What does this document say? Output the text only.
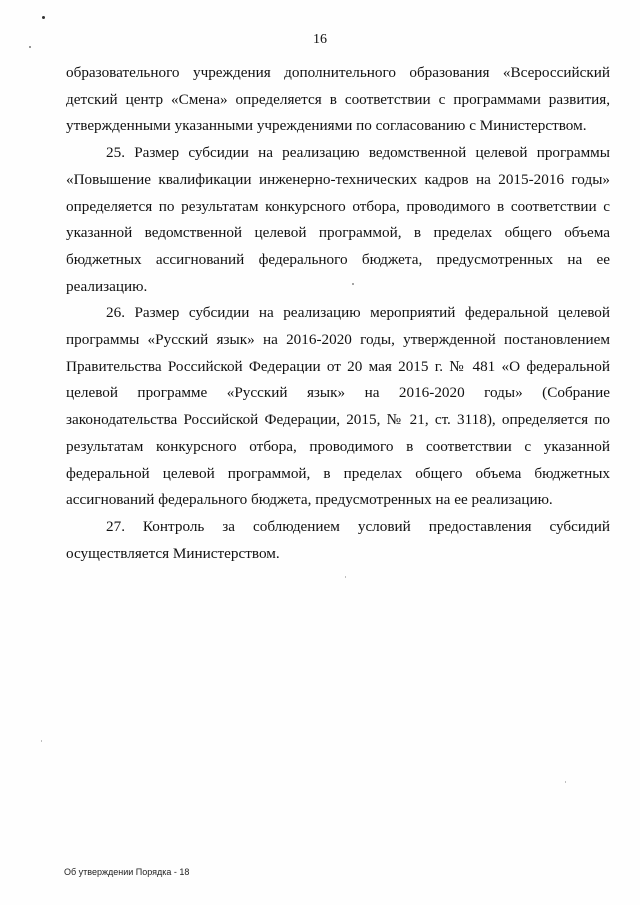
16

образовательного учреждения дополнительного образования «Всероссийский детский центр «Смена» определяется в соответствии с программами развития, утвержденными указанными учреждениями по согласованию с Министерством.

25. Размер субсидии на реализацию ведомственной целевой программы «Повышение квалификации инженерно-технических кадров на 2015-2016 годы» определяется по результатам конкурсного отбора, проводимого в соответствии с указанной ведомственной целевой программой, в пределах общего объема бюджетных ассигнований федерального бюджета, предусмотренных на ее реализацию.

26. Размер субсидии на реализацию мероприятий федеральной целевой программы «Русский язык» на 2016-2020 годы, утвержденной постановлением Правительства Российской Федерации от 20 мая 2015 г. № 481 «О федеральной целевой программе «Русский язык» на 2016-2020 годы» (Собрание законодательства Российской Федерации, 2015, № 21, ст. 3118), определяется по результатам конкурсного отбора, проводимого в соответствии с указанной федеральной целевой программой, в пределах общего объема бюджетных ассигнований федерального бюджета, предусмотренных на ее реализацию.

27. Контроль за соблюдением условий предоставления субсидий осуществляется Министерством.

Об утверждении Порядка - 18
